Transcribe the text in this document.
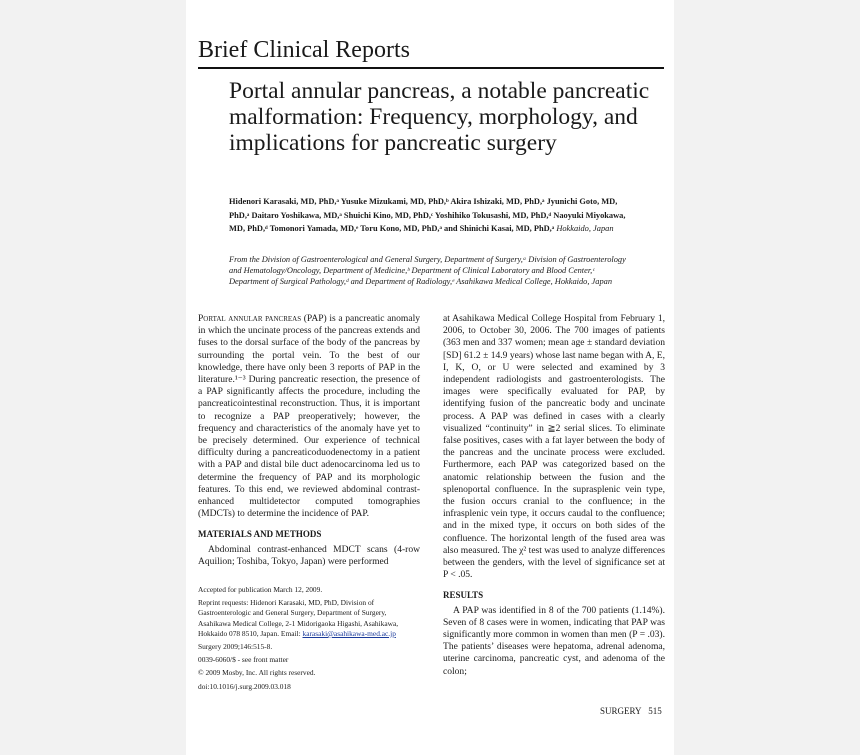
Brief Clinical Reports
Portal annular pancreas, a notable pancreatic malformation: Frequency, morphology, and implications for pancreatic surgery
Hidenori Karasaki, MD, PhD,ᵃ Yusuke Mizukami, MD, PhD,ᵇ Akira Ishizaki, MD, PhD,ᵃ Jyunichi Goto, MD, PhD,ᵃ Daitaro Yoshikawa, MD,ᵃ Shuichi Kino, MD, PhD,ᶜ Yoshihiko Tokusashi, MD, PhD,ᵈ Naoyuki Miyokawa, MD, PhD,ᵈ Tomonori Yamada, MD,ᵉ Toru Kono, MD, PhD,ᵃ and Shinichi Kasai, MD, PhD,ᵃ Hokkaido, Japan
From the Division of Gastroenterological and General Surgery, Department of Surgery,ᵃ Division of Gastroenterology and Hematology/Oncology, Department of Medicine,ᵇ Department of Clinical Laboratory and Blood Center,ᶜ Department of Surgical Pathology,ᵈ and Department of Radiology,ᵉ Asahikawa Medical College, Hokkaido, Japan

Portal annular pancreas (PAP) is a pancreatic anomaly in which the uncinate process of the pancreas extends and fuses to the dorsal surface of the body of the pancreas by surrounding the portal vein. To the best of our knowledge, there have only been 3 reports of PAP in the literature.¹⁻³ During pancreatic resection, the presence of a PAP significantly affects the procedure, including the pancreaticointestinal reconstruction. Thus, it is important to recognize a PAP preoperatively; however, the frequency and characteristics of the anomaly have yet to be precisely determined. Our experience of technical difficulty during a pancreaticoduodenectomy in a patient with a PAP and distal bile duct adenocarcinoma led us to determine the frequency of PAP and its morphologic features. To this end, we reviewed abdominal contrast-enhanced multidetector computed tomographies (MDCTs) to determine the incidence of PAP.

MATERIALS AND METHODS

Abdominal contrast-enhanced MDCT scans (4-row Aquilion; Toshiba, Tokyo, Japan) were performed

Accepted for publication March 12, 2009.
Reprint requests: Hidenori Karasaki, MD, PhD, Division of Gastroenterologic and General Surgery, Department of Surgery, Asahikawa Medical College, 2-1 Midorigaoka Higashi, Asahikawa, Hokkaido 078 8510, Japan. Email: karasaki@asahikawa-med.ac.jp
Surgery 2009;146:515-8.
0039-6060/$ - see front matter
© 2009 Mosby, Inc. All rights reserved.
doi:10.1016/j.surg.2009.03.018

at Asahikawa Medical College Hospital from February 1, 2006, to October 30, 2006. The 700 images of patients (363 men and 337 women; mean age ± standard deviation [SD] 61.2 ± 14.9 years) whose last name began with A, E, I, K, O, or U were selected and examined by 3 independent radiologists and gastroenterologists. The images were specifically evaluated for PAP, by identifying fusion of the pancreatic body and uncinate process. A PAP was defined in cases with a clearly visualized “continuity” in ≧2 serial slices. To eliminate false positives, cases with a fat layer between the body of the pancreas and the uncinate process were excluded. Furthermore, each PAP was categorized based on the anatomic relationship between the fusion and the splenoportal confluence. In the suprasplenic vein type, the fusion occurs cranial to the confluence; in the infrasplenic vein type, it occurs caudal to the confluence; and in the mixed type, it occurs on both sides of the confluence. The horizontal length of the fused area was also measured. The χ² test was used to analyze differences between the genders, with the level of significance set at P < .05.

RESULTS

A PAP was identified in 8 of the 700 patients (1.14%). Seven of 8 cases were in women, indicating that PAP was significantly more common in women than men (P = .03). The patients’ diseases were hepatoma, adrenal adenoma, uterine carcinoma, pancreatic cyst, and adenoma of the colon;

SURGERY 515
